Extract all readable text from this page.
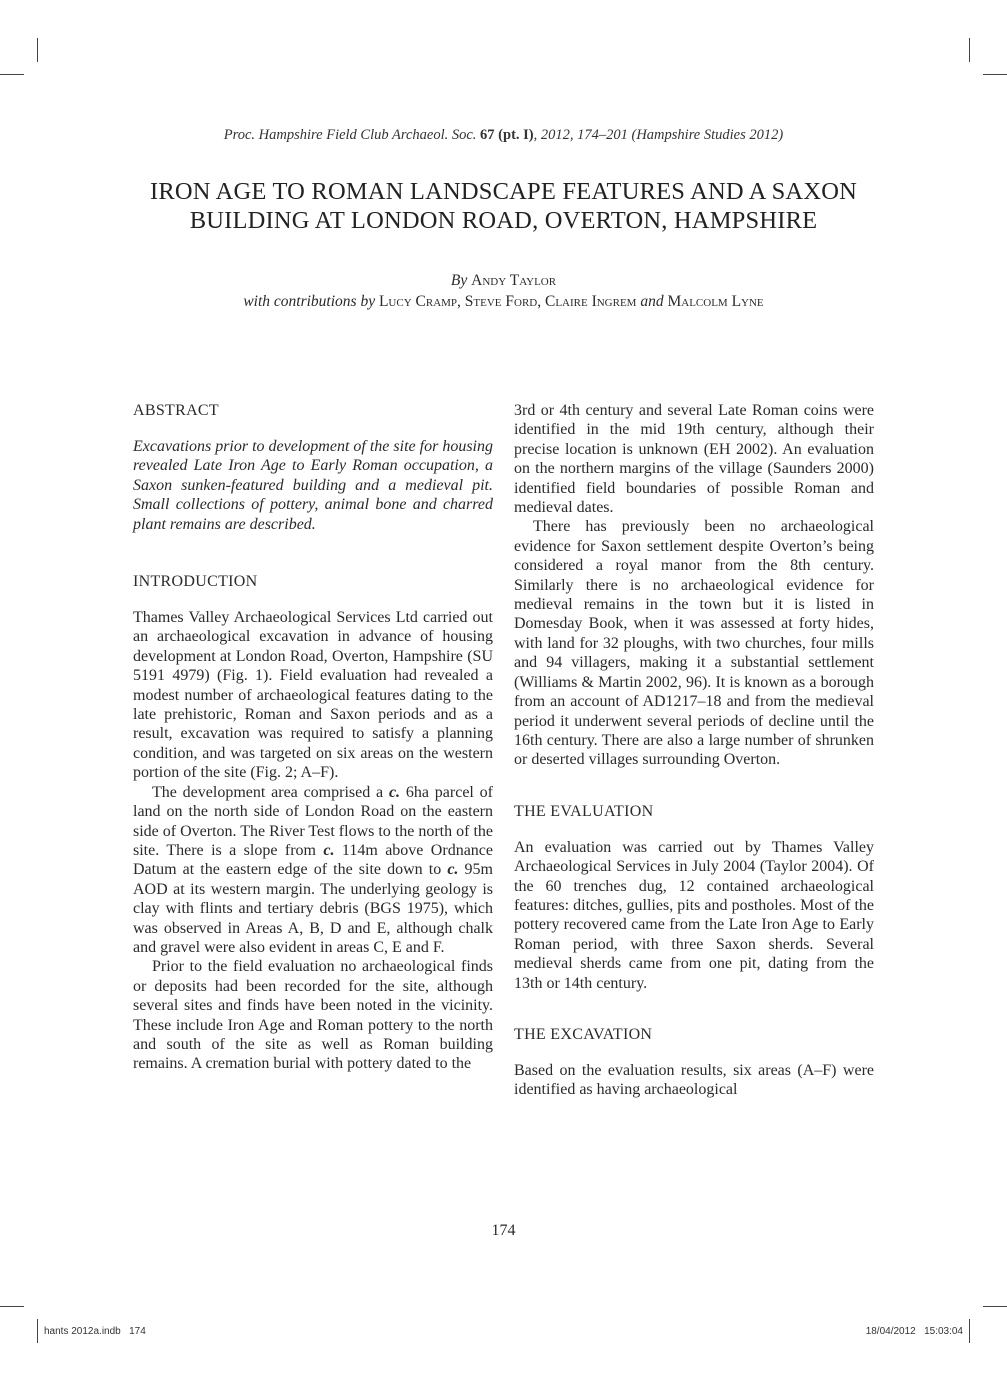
Proc. Hampshire Field Club Archaeol. Soc. 67 (pt. I), 2012, 174–201 (Hampshire Studies 2012)
IRON AGE TO ROMAN LANDSCAPE FEATURES AND A SAXON
BUILDING AT LONDON ROAD, OVERTON, HAMPSHIRE
By Andy Taylor
with contributions by Lucy Cramp, Steve Ford, Claire Ingrem and Malcolm Lyne
ABSTRACT

Excavations prior to development of the site for housing revealed Late Iron Age to Early Roman occupation, a Saxon sunken-featured building and a medieval pit. Small collections of pottery, animal bone and charred plant remains are described.

INTRODUCTION

Thames Valley Archaeological Services Ltd carried out an archaeological excavation in advance of housing development at London Road, Overton, Hampshire (SU 5191 4979) (Fig. 1). Field evaluation had revealed a modest number of archaeological features dating to the late prehistoric, Roman and Saxon periods and as a result, excavation was required to satisfy a planning condition, and was targeted on six areas on the western portion of the site (Fig. 2; A–F).

The development area comprised a c. 6ha parcel of land on the north side of London Road on the eastern side of Overton. The River Test flows to the north of the site. There is a slope from c. 114m above Ordnance Datum at the eastern edge of the site down to c. 95m AOD at its western margin. The underlying geology is clay with flints and tertiary debris (BGS 1975), which was observed in Areas A, B, D and E, although chalk and gravel were also evident in areas C, E and F.

Prior to the field evaluation no archaeological finds or deposits had been recorded for the site, although several sites and finds have been noted in the vicinity. These include Iron Age and Roman pottery to the north and south of the site as well as Roman building remains. A cremation burial with pottery dated to the

3rd or 4th century and several Late Roman coins were identified in the mid 19th century, although their precise location is unknown (EH 2002). An evaluation on the northern margins of the village (Saunders 2000) identified field boundaries of possible Roman and medieval dates.

There has previously been no archaeological evidence for Saxon settlement despite Overton’s being considered a royal manor from the 8th century. Similarly there is no archaeological evidence for medieval remains in the town but it is listed in Domesday Book, when it was assessed at forty hides, with land for 32 ploughs, with two churches, four mills and 94 villagers, making it a substantial settlement (Williams & Martin 2002, 96). It is known as a borough from an account of AD1217–18 and from the medieval period it underwent several periods of decline until the 16th century. There are also a large number of shrunken or deserted villages surrounding Overton.

THE EVALUATION

An evaluation was carried out by Thames Valley Archaeological Services in July 2004 (Taylor 2004). Of the 60 trenches dug, 12 contained archaeological features: ditches, gullies, pits and postholes. Most of the pottery recovered came from the Late Iron Age to Early Roman period, with three Saxon sherds. Several medieval sherds came from one pit, dating from the 13th or 14th century.

THE EXCAVATION

Based on the evaluation results, six areas (A–F) were identified as having archaeological

174
hants 2012a.indb   174	18/04/2012   15:03:04
